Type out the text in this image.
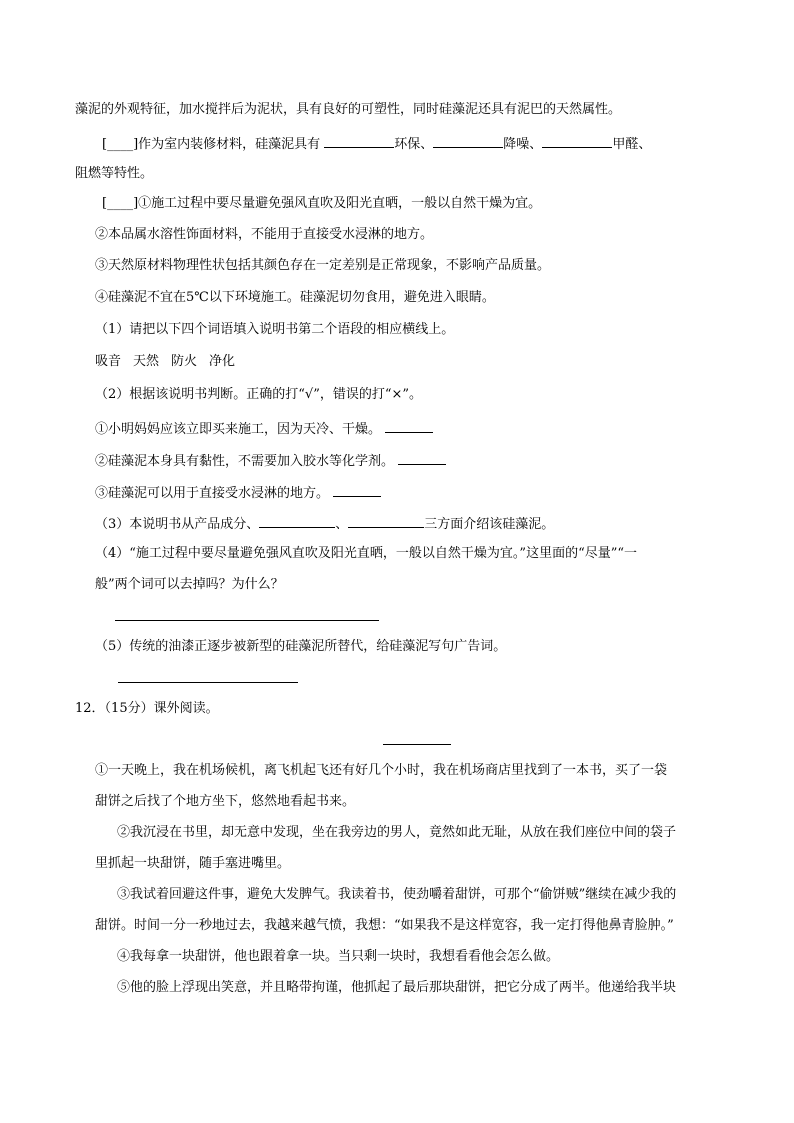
藻泥的外观特征，加水搅拌后为泥状，具有良好的可塑性，同时硅藻泥还具有泥巴的天然属性。
[____]作为室内装修材料，硅藻泥具有	环保、	降噪、	甲醛、
阻燃等特性。
[____]①施工过程中要尽量避免强风直吹及阳光直晒，一般以自然干燥为宜。
②本品属水溶性饰面材料，不能用于直接受水浸淋的地方。
③天然原材料物理性状包括其颜色存在一定差别是正常现象，不影响产品质量。
④硅藻泥不宜在5℃以下环境施工。硅藻泥切勿食用，避免进入眼睛。
（1）请把以下四个词语填入说明书第二个语段的相应横线上。
吸音 天然 防火 净化
（2）根据该说明书判断。正确的打“√”，错误的打“×”。
①小明妈妈应该立即买来施工，因为天冷、干燥。
②硅藻泥本身具有黏性，不需要加入胶水等化学剂。
③硅藻泥可以用于直接受水浸淋的地方。
（3）本说明书从产品成分、	、	三方面介绍该硅藻泥。
（4）“施工过程中要尽量避免强风直吹及阳光直晒，一般以自然干燥为宜。”这里面的“尽量”“一
般”两个词可以去掉吗？为什么？
（5）传统的油漆正逐步被新型的硅藻泥所替代，给硅藻泥写句广告词。
12．（15分）课外阅读。
①一天晚上，我在机场候机，离飞机起飞还有好几个小时，我在机场商店里找到了一本书，买了一袋
甜饼之后找了个地方坐下，悠然地看起书来。
②我沉浸在书里，却无意中发现，坐在我旁边的男人，竟然如此无耻，从放在我们座位中间的袋子
里抓起一块甜饼，随手塞进嘴里。
③我试着回避这件事，避免大发脾气。我读着书，使劲嚼着甜饼，可那个“偷饼贼”继续在减少我的
甜饼。时间一分一秒地过去，我越来越气愤，我想：“如果我不是这样宽容，我一定打得他鼻青脸肿。”
④我每拿一块甜饼，他也跟着拿一块。当只剩一块时，我想看看他会怎么做。
⑤他的脸上浮现出笑意，并且略带拘谨，他抓起了最后那块甜饼，把它分成了两半。他递给我半块
